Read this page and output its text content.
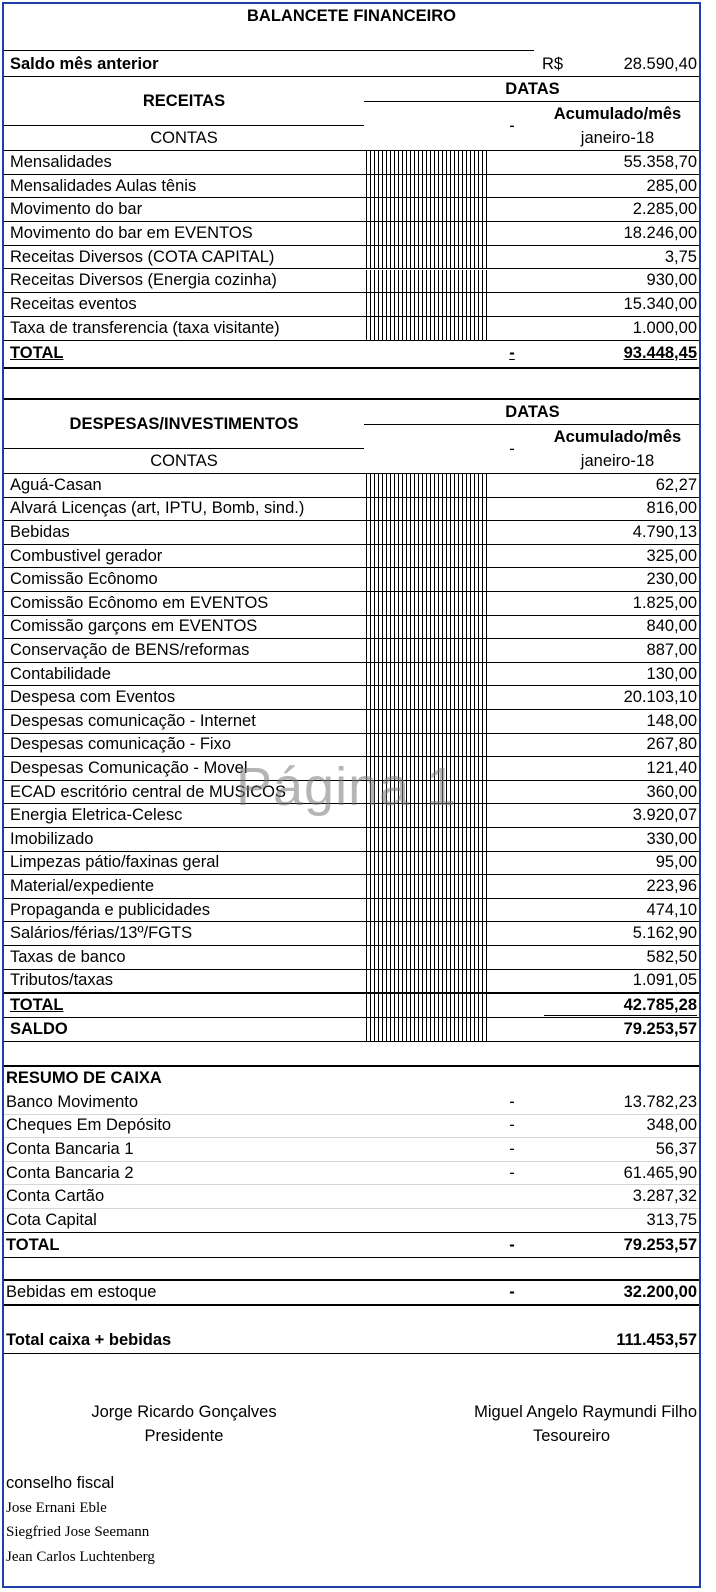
BALANCETE FINANCEIRO
Saldo mês anterior	R$	28.590,40
RECEITAS
DATAS
-
Acumulado/mês
CONTAS	janeiro-18
Mensalidades	55.358,70
Mensalidades Aulas tênis	285,00
Movimento do bar	2.285,00
Movimento do bar em EVENTOS	18.246,00
Receitas Diversos (COTA CAPITAL)	3,75
Receitas Diversos (Energia cozinha)	930,00
Receitas eventos	15.340,00
Taxa de transferencia (taxa visitante)	1.000,00
TOTAL	-	93.448,45
DESPESAS/INVESTIMENTOS
DATAS
-
Acumulado/mês
CONTAS	janeiro-18
Aguá-Casan	62,27
Alvará Licenças (art, IPTU, Bomb, sind.)	816,00
Bebidas	4.790,13
Combustivel gerador	325,00
Comissão Ecônomo	230,00
Comissão Ecônomo em EVENTOS	1.825,00
Comissão garçons em EVENTOS	840,00
Conservação de BENS/reformas	887,00
Contabilidade	130,00
Despesa com Eventos	20.103,10
Despesas comunicação - Internet	148,00
Despesas comunicação - Fixo	267,80
Despesas Comunicação - Movel	121,40
ECAD escritório central de MUSICOS	360,00
Energia Eletrica-Celesc	3.920,07
Imobilizado	330,00
Limpezas pátio/faxinas geral	95,00
Material/expediente	223,96
Propaganda e publicidades	474,10
Salários/férias/13º/FGTS	5.162,90
Taxas de banco	582,50
Tributos/taxas	1.091,05
TOTAL	42.785,28
SALDO	79.253,57
RESUMO DE CAIXA
Banco Movimento	-	13.782,23
Cheques Em Depósito	-	348,00
Conta Bancaria 1	-	56,37
Conta Bancaria 2	-	61.465,90
Conta Cartão	3.287,32
Cota Capital	313,75
TOTAL	-	79.253,57
Bebidas em estoque	-	32.200,00
Total caixa + bebidas	111.453,57
Jorge Ricardo Gonçalves	Miguel Angelo Raymundi Filho
Presidente	Tesoureiro
conselho fiscal
Jose Ernani Eble
Siegfried Jose Seemann
Jean Carlos Luchtenberg
Página 1
